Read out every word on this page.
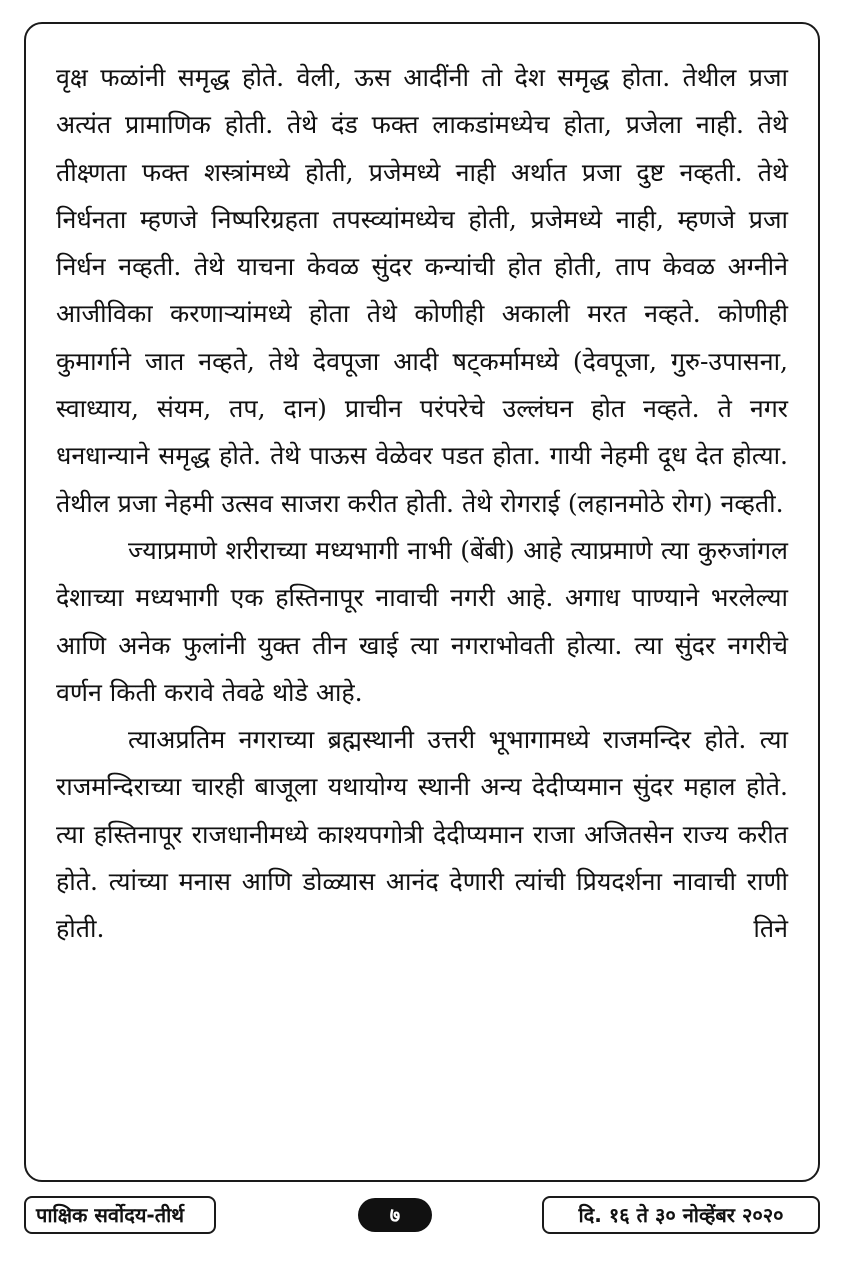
वृक्ष फळांनी समृद्ध होते. वेली, ऊस आदींनी तो देश समृद्ध होता. तेथील प्रजा अत्यंत प्रामाणिक होती. तेथे दंड फक्त लाकडांमध्येच होता, प्रजेला नाही. तेथे तीक्ष्णता फक्त शस्त्रांमध्ये होती, प्रजेमध्ये नाही अर्थात प्रजा दुष्ट नव्हती. तेथे निर्धनता म्हणजे निष्परिग्रहता तपस्व्यांमध्येच होती, प्रजेमध्ये नाही, म्हणजे प्रजा निर्धन नव्हती. तेथे याचना केवळ सुंदर कन्यांची होत होती, ताप केवळ अग्नीने आजीविका करणाऱ्यांमध्ये होता तेथे कोणीही अकाली मरत नव्हते. कोणीही कुमार्गाने जात नव्हते, तेथे देवपूजा आदी षट्कर्मामध्ये (देवपूजा, गुरु-उपासना, स्वाध्याय, संयम, तप, दान) प्राचीन परंपरेचे उल्लंघन होत नव्हते. ते नगर धनधान्याने समृद्ध होते. तेथे पाऊस वेळेवर पडत होता. गायी नेहमी दूध देत होत्या. तेथील प्रजा नेहमी उत्सव साजरा करीत होती. तेथे रोगराई (लहानमोठे रोग) नव्हती.

ज्याप्रमाणे शरीराच्या मध्यभागी नाभी (बेंबी) आहे त्याप्रमाणे त्या कुरुजांगल देशाच्या मध्यभागी एक हस्तिनापूर नावाची नगरी आहे. अगाध पाण्याने भरलेल्या आणि अनेक फुलांनी युक्त तीन खाई त्या नगराभोवती होत्या. त्या सुंदर नगरीचे वर्णन किती करावे तेवढे थोडे आहे.

त्याअप्रतिम नगराच्या ब्रह्मस्थानी उत्तरी भूभागामध्ये राजमन्दिर होते. त्या राजमन्दिराच्या चारही बाजूला यथायोग्य स्थानी अन्य देदीप्यमान सुंदर महाल होते. त्या हस्तिनापूर राजधानीमध्ये काश्यपगोत्री देदीप्यमान राजा अजितसेन राज्य करीत होते. त्यांच्या मनास आणि डोळ्यास आनंद देणारी त्यांची प्रियदर्शना नावाची राणी होती. तिने

पाक्षिक सर्वोदय-तीर्थ	७	दि. १६ ते ३० नोव्हेंबर २०२०
